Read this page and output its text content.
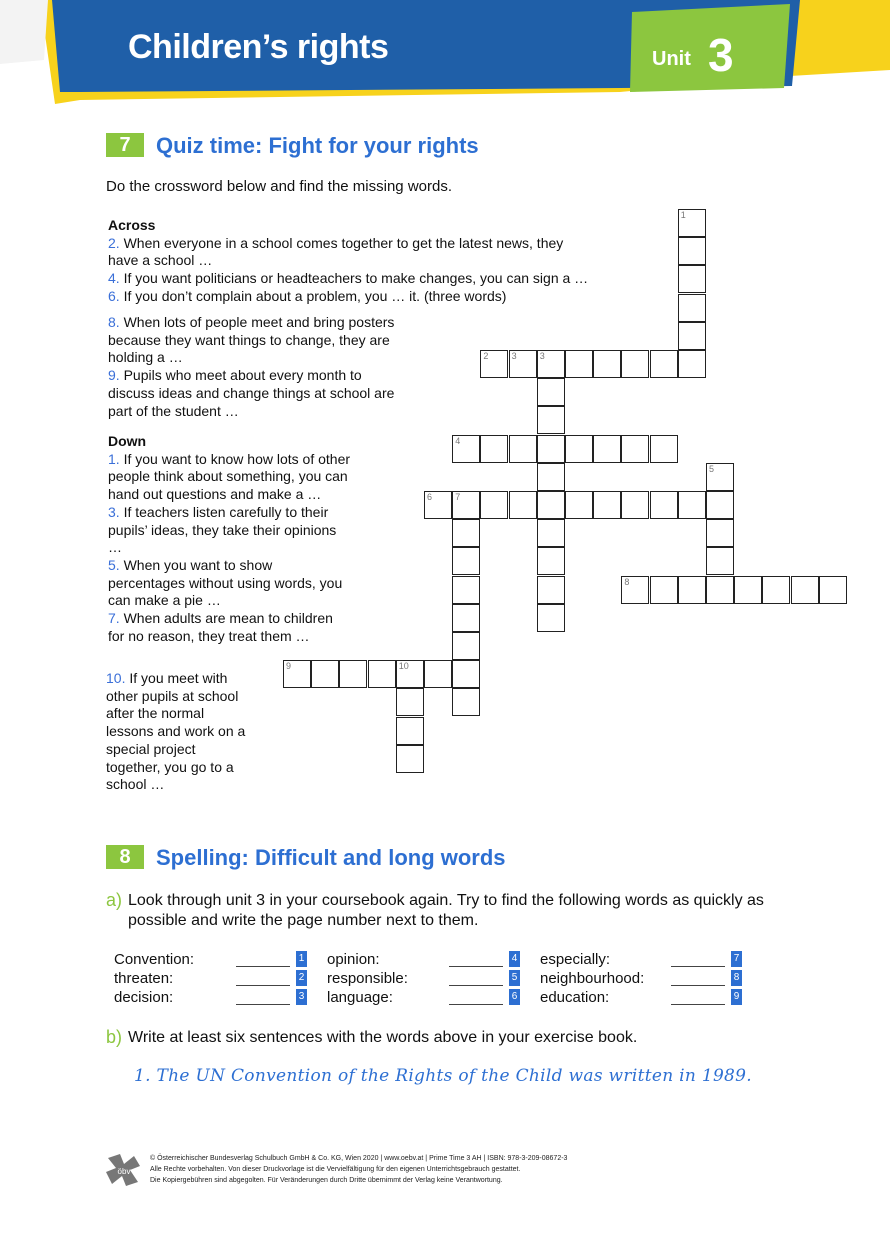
Children’s rights	Unit 3
7	Quiz time: Fight for your rights
Do the crossword below and find the missing words.
Across
2. When everyone in a school comes together to get the latest news, they
have a school …
4. If you want politicians or headteachers to make changes, you can sign a …
6. If you don’t complain about a problem, you … it. (three words)
8. When lots of people meet and bring posters
because they want things to change, they are
holding a …
9. Pupils who meet about every month to
discuss ideas and change things at school are
part of the student …
Down
1. If you want to know how lots of other
people think about something, you can
hand out questions and make a …
3. If teachers listen carefully to their
pupils’ ideas, they take their opinions
…
5. When you want to show
percentages without using words, you
can make a pie …
7. When adults are mean to children
for no reason, they treat them …
10. If you meet with
other pupils at school
after the normal
lessons and work on a
special project
together, you go to a
school …
1
2	3	3
4
5
6	7
8
9	10
8	Spelling: Difficult and long words
a) Look through unit 3 in your coursebook again. Try to find the following words as quickly as
possible and write the page number next to them.
Convention:	1
threaten:	2
decision:	3
opinion:	4
responsible:	5
language:	6
especially:	7
neighbourhood:	8
education:	9
b) Write at least six sentences with the words above in your exercise book.
1. The UN Convention of the Rights of the Child was written in 1989.
öbv
© Österreichischer Bundesverlag Schulbuch GmbH & Co. KG, Wien 2020 | www.oebv.at | Prime Time 3 AH | ISBN: 978-3-209-08672-3
Alle Rechte vorbehalten. Von dieser Druckvorlage ist die Vervielfältigung für den eigenen Unterrichtsgebrauch gestattet.
Die Kopiergebühren sind abgegolten. Für Veränderungen durch Dritte übernimmt der Verlag keine Verantwortung.
